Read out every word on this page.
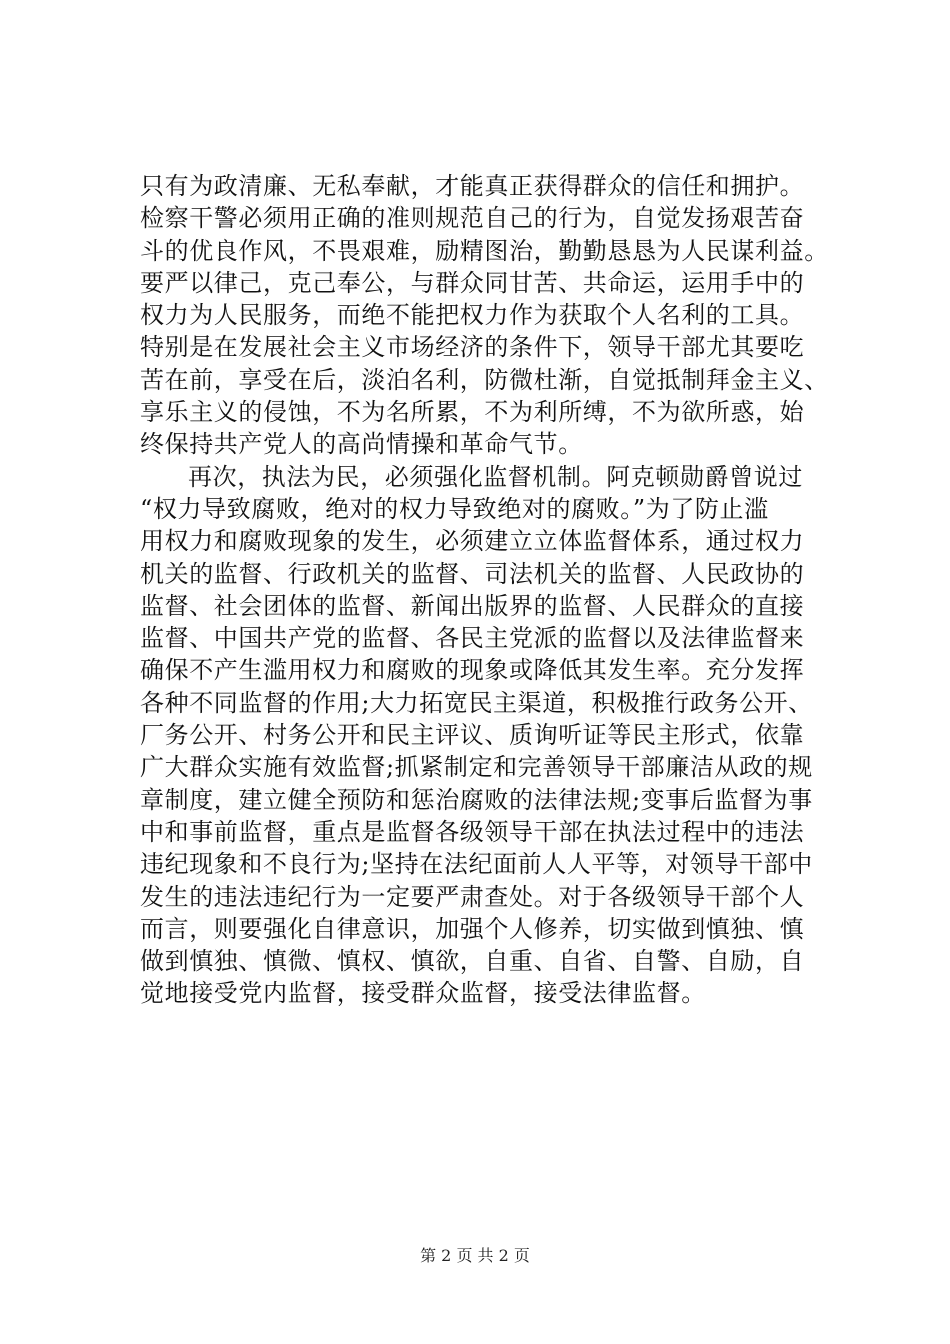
只有为政清廉、无私奉献，才能真正获得群众的信任和拥护。
检察干警必须用正确的准则规范自己的行为，自觉发扬艰苦奋
斗的优良作风，不畏艰难，励精图治，勤勤恳恳为人民谋利益。
要严以律己，克己奉公，与群众同甘苦、共命运，运用手中的
权力为人民服务，而绝不能把权力作为获取个人名利的工具。
特别是在发展社会主义市场经济的条件下，领导干部尤其要吃
苦在前，享受在后，淡泊名利，防微杜渐，自觉抵制拜金主义、
享乐主义的侵蚀，不为名所累，不为利所缚，不为欲所惑，始
终保持共产党人的高尚情操和革命气节。
再次，执法为民，必须强化监督机制。阿克顿勋爵曾说过
“权力导致腐败，绝对的权力导致绝对的腐败。”为了防止滥
用权力和腐败现象的发生，必须建立立体监督体系，通过权力
机关的监督、行政机关的监督、司法机关的监督、人民政协的
监督、社会团体的监督、新闻出版界的监督、人民群众的直接
监督、中国共产党的监督、各民主党派的监督以及法律监督来
确保不产生滥用权力和腐败的现象或降低其发生率。充分发挥
各种不同监督的作用;大力拓宽民主渠道，积极推行政务公开、
厂务公开、村务公开和民主评议、质询听证等民主形式，依靠
广大群众实施有效监督;抓紧制定和完善领导干部廉洁从政的规
章制度，建立健全预防和惩治腐败的法律法规;变事后监督为事
中和事前监督，重点是监督各级领导干部在执法过程中的违法
违纪现象和不良行为;坚持在法纪面前人人平等，对领导干部中
发生的违法违纪行为一定要严肃查处。对于各级领导干部个人
而言，则要强化自律意识，加强个人修养，切实做到慎独、慎
做到慎独、慎微、慎权、慎欲，自重、自省、自警、自励，自
觉地接受党内监督，接受群众监督，接受法律监督。
第 2 页 共 2 页
